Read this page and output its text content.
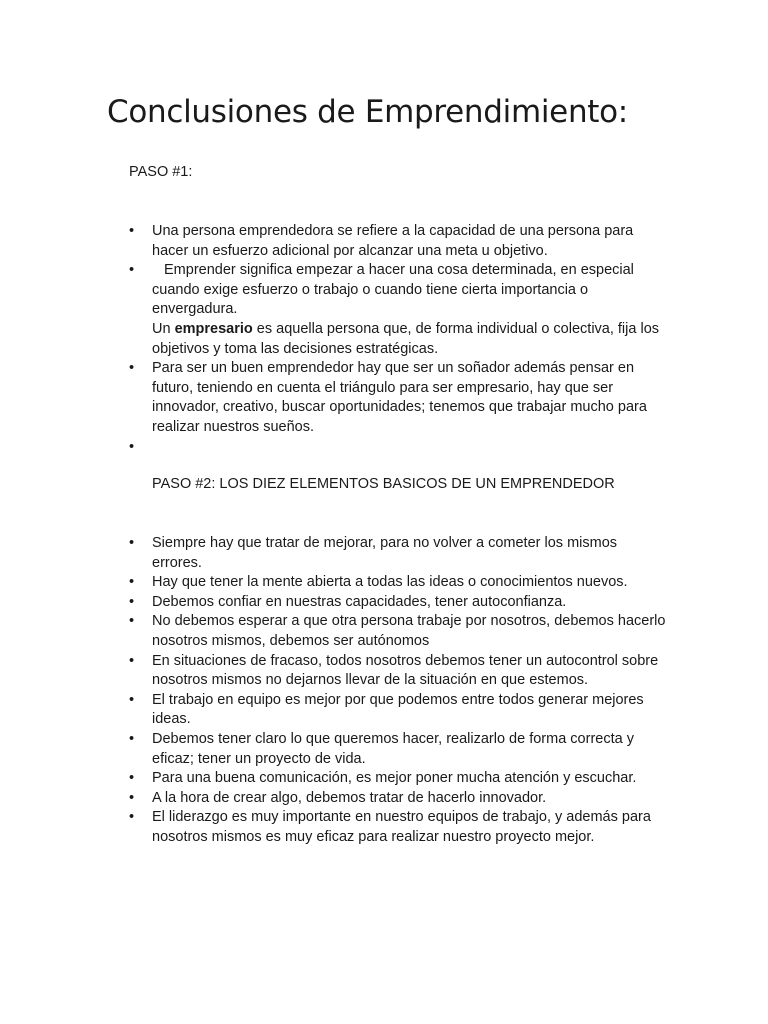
Conclusiones de Emprendimiento:

PASO #1:

• Una persona emprendedora se refiere a la capacidad de una persona para hacer un esfuerzo adicional por alcanzar una meta u objetivo.
• Emprender significa empezar a hacer una cosa determinada, en especial cuando exige esfuerzo o trabajo o cuando tiene cierta importancia o envergadura.
Un empresario es aquella persona que, de forma individual o colectiva, fija los objetivos y toma las decisiones estratégicas.
• Para ser un buen emprendedor hay que ser un soñador además pensar en futuro, teniendo en cuenta el triángulo para ser empresario, hay que ser innovador, creativo, buscar oportunidades; tenemos que trabajar mucho para realizar nuestros sueños.
•

PASO #2: LOS DIEZ ELEMENTOS BASICOS DE UN EMPRENDEDOR

• Siempre hay que tratar de mejorar, para no volver a cometer los mismos errores.
• Hay que tener la mente abierta a todas las ideas o conocimientos nuevos.
• Debemos confiar en nuestras capacidades, tener autoconfianza.
• No debemos esperar a que otra persona trabaje por nosotros, debemos hacerlo nosotros mismos, debemos ser autónomos
• En situaciones de fracaso, todos nosotros debemos tener un autocontrol sobre nosotros mismos no dejarnos llevar de la situación en que estemos.
• El trabajo en equipo es mejor por que podemos entre todos generar mejores ideas.
• Debemos tener claro lo que queremos hacer, realizarlo de forma correcta y eficaz; tener un proyecto de vida.
• Para una buena comunicación, es mejor poner mucha atención y escuchar.
• A la hora de crear algo, debemos tratar de hacerlo innovador.
• El liderazgo es muy importante en nuestro equipos de trabajo, y además para nosotros mismos es muy eficaz para realizar nuestro proyecto mejor.
